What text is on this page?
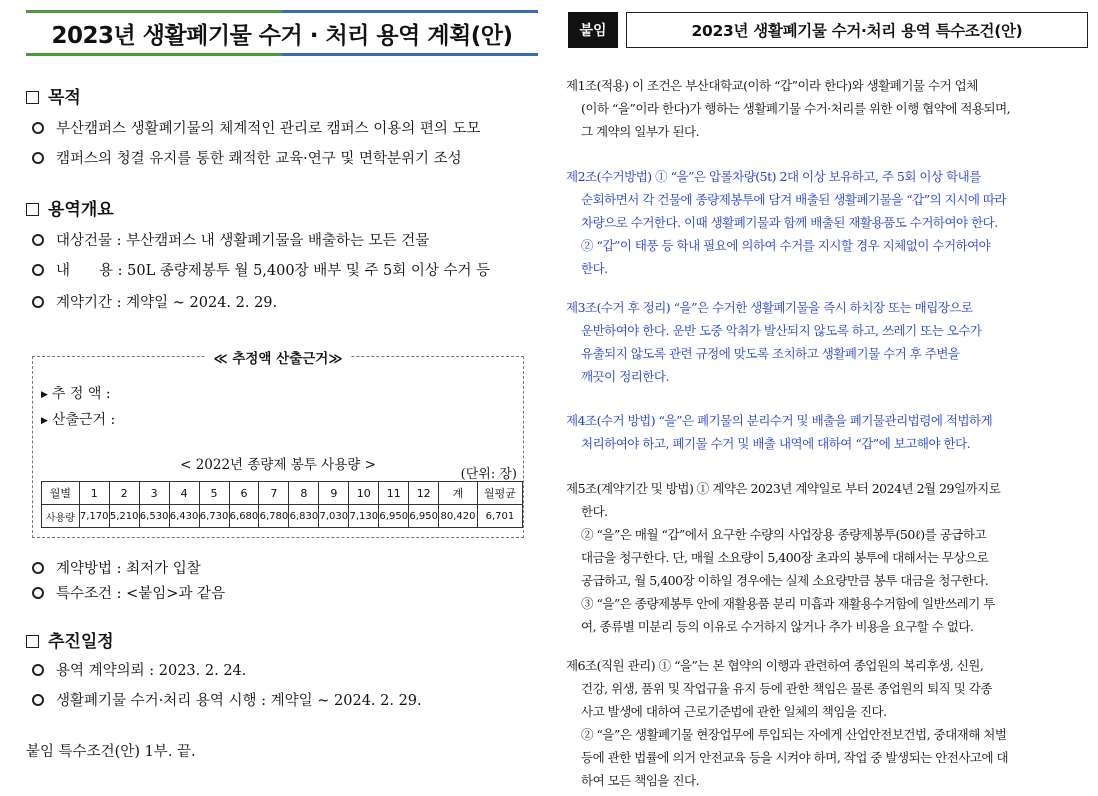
2023년 생활폐기물 수거 · 처리 용역 계획(안)
목적
부산캠퍼스 생활폐기물의 체계적인 관리로 캠퍼스 이용의 편의 도모
캠퍼스의 청결 유지를 통한 쾌적한 교육·연구 및 면학분위기 조성
용역개요
대상건물 : 부산캠퍼스 내 생활폐기물을 배출하는 모든 건물
내　　용 : 50L 종량제봉투 월 5,400장 배부 및 주 5회 이상 수거 등
계약기간 : 계약일 ~ 2024. 2. 29.
≪ 추정액 산출근거≫
▶ 추 정 액 :
▶ 산출근거 :
< 2022년 종량제 봉투 사용량 >
(단위: 장)
월별	1	2	3	4	5	6	7	8	9	10	11	12	계	월평균
사용량	7,170	5,210	6,530	6,430	6,730	6,680	6,780	6,830	7,030	7,130	6,950	6,950	80,420	6,701
계약방법 : 최저가 입찰
특수조건 : <붙임>과 같음
추진일정
용역 계약의뢰 : 2023. 2. 24.
생활폐기물 수거·처리 용역 시행 : 계약일 ~ 2024. 2. 29.
붙임 특수조건(안) 1부. 끝.
붙임	2023년 생활폐기물 수거·처리 용역 특수조건(안)
제1조(적용) 이 조건은 부산대학교(이하 “갑”이라 한다)와 생활폐기물 수거 업체
(이하 “을”이라 한다)가 행하는 생활폐기물 수거·처리를 위한 이행 협약에 적용되며,
그 계약의 일부가 된다.
제2조(수거방법) ① “을”은 압롤차량(5t) 2대 이상 보유하고, 주 5회 이상 학내를
순회하면서 각 건물에 종량제봉투에 담겨 배출된 생활폐기물을 “갑”의 지시에 따라
차량으로 수거한다. 이때 생활폐기물과 함께 배출된 재활용품도 수거하여야 한다.
② “갑”이 태풍 등 학내 필요에 의하여 수거를 지시할 경우 지체없이 수거하여야
한다.
제3조(수거 후 정리) “을”은 수거한 생활폐기물을 즉시 하치장 또는 매립장으로
운반하여야 한다. 운반 도중 악취가 발산되지 않도록 하고, 쓰레기 또는 오수가
유출되지 않도록 관련 규정에 맞도록 조치하고 생활폐기물 수거 후 주변을
깨끗이 정리한다.
제4조(수거 방법) “을”은 폐기물의 분리수거 및 배출을 폐기물관리법령에 적법하게
처리하여야 하고, 폐기물 수거 및 배출 내역에 대하여 “갑”에 보고해야 한다.
제5조(계약기간 및 방법) ① 계약은 2023년 계약일로 부터 2024년 2월 29일까지로
한다.
② “을”은 매월 “갑”에서 요구한 수량의 사업장용 종량제봉투(50ℓ)를 공급하고
대금을 청구한다. 단, 매월 소요량이 5,400장 초과의 봉투에 대해서는 무상으로
공급하고, 월 5,400장 이하일 경우에는 실제 소요량만큼 봉투 대금을 청구한다.
③ “을”은 종량제봉투 안에 재활용품 분리 미흡과 재활용수거함에 일반쓰레기 투
여, 종류별 미분리 등의 이유로 수거하지 않거나 추가 비용을 요구할 수 없다.
제6조(직원 관리) ① “을”는 본 협약의 이행과 관련하여 종업원의 복리후생, 신원,
건강, 위생, 품위 및 작업규율 유지 등에 관한 책임은 물론 종업원의 퇴직 및 각종
사고 발생에 대하여 근로기준법에 관한 일체의 책임을 진다.
② “을”은 생활폐기물 현장업무에 투입되는 자에게 산업안전보건법, 중대재해 처벌
등에 관한 법률에 의거 안전교육 등을 시켜야 하며, 작업 중 발생되는 안전사고에 대
하여 모든 책임을 진다.
